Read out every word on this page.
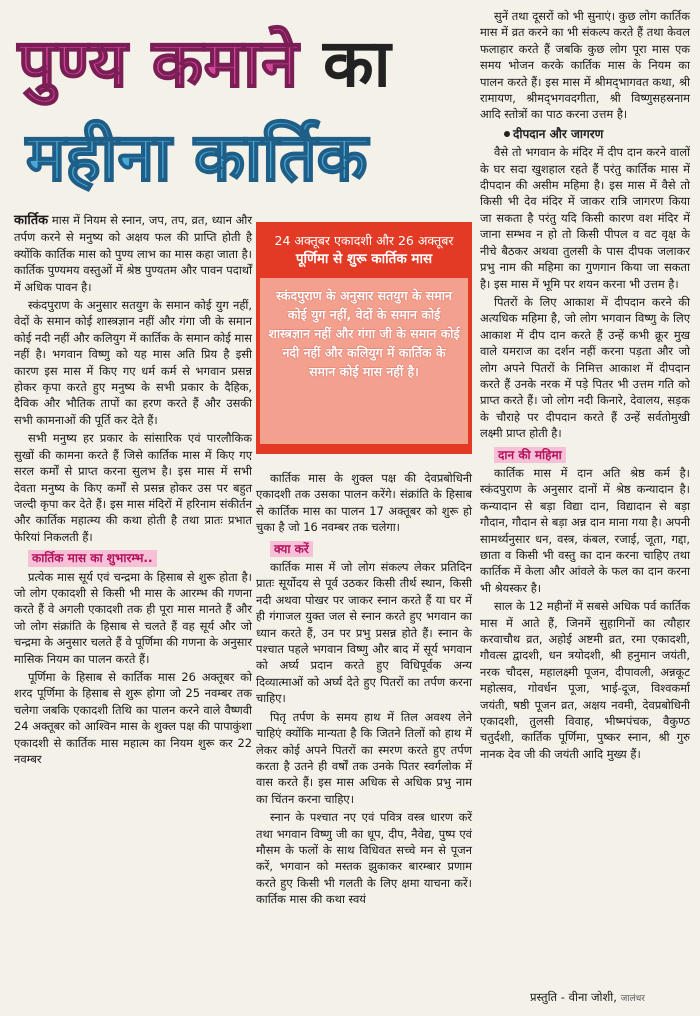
पुण्य कमाने का
महीना कार्तिक
24 अक्तूबर एकादशी और 26 अक्तूबर
पूर्णिमा से शुरू कार्तिक मास
स्कंदपुराण के अनुसार सतयुग के समान कोई युग नहीं, वेदों के समान कोई शास्त्रज्ञान नहीं और गंगा जी के समान कोई नदी नहीं और कलियुग में कार्तिक के समान कोई मास नहीं है।

कार्तिक मास में नियम से स्नान, जप, तप, व्रत, ध्यान और तर्पण करने से मनुष्य को अक्षय फल की प्राप्ति होती है क्योंकि कार्तिक मास को पुण्य लाभ का मास कहा जाता है। कार्तिक पुण्यमय वस्तुओं में श्रेष्ठ पुण्यतम और पावन पदार्थों में अधिक पावन है।

स्कंदपुराण के अनुसार सतयुग के समान कोई युग नहीं, वेदों के समान कोई शास्त्रज्ञान नहीं और गंगा जी के समान कोई नदी नहीं और कलियुग में कार्तिक के समान कोई मास नहीं है। भगवान विष्णु को यह मास अति प्रिय है इसी कारण इस मास में किए गए धर्म कर्म से भगवान प्रसन्न होकर कृपा करते हुए मनुष्य के सभी प्रकार के दैहिक, दैविक और भौतिक तापों का हरण करते हैं और उसकी सभी कामनाओं की पूर्ति कर देते हैं।

सभी मनुष्य हर प्रकार के सांसारिक एवं पारलौकिक सुखों की कामना करते हैं जिसे कार्तिक मास में किए गए सरल कर्मों से प्राप्त करना सुलभ है। इस मास में सभी देवता मनुष्य के किए कर्मों से प्रसन्न होकर उस पर बहुत जल्दी कृपा कर देते हैं। इस मास मंदिरों में हरिनाम संकीर्तन और कार्तिक महात्म्य की कथा होती है तथा प्रातः प्रभात फेरियां निकलती हैं।

कार्तिक मास का शुभारम्भ..

प्रत्येक मास सूर्य एवं चन्द्रमा के हिसाब से शुरू होता है। जो लोग एकादशी से किसी भी मास के आरम्भ की गणना करते हैं वे अगली एकादशी तक ही पूरा मास मानते हैं और जो लोग संक्रांति के हिसाब से चलते हैं वह सूर्य और जो चन्द्रमा के अनुसार चलते हैं वे पूर्णिमा की गणना के अनुसार मासिक नियम का पालन करते हैं।

पूर्णिमा के हिसाब से कार्तिक मास 26 अक्तूबर को शरद पूर्णिमा के हिसाब से शुरू होगा जो 25 नवम्बर तक चलेगा जबकि एकादशी तिथि का पालन करने वाले वैष्णवी 24 अक्तूबर को आश्विन मास के शुक्ल पक्ष की पापाकुंशा एकादशी से कार्तिक मास महात्म का नियम शुरू कर 22 नवम्बर

कार्तिक मास के शुक्ल पक्ष की देवप्रबोधिनी एकादशी तक उसका पालन करेंगे। संक्रांति के हिसाब से कार्तिक मास का पालन 17 अक्तूबर को शुरू हो चुका है जो 16 नवम्बर तक चलेगा।

क्या करें

कार्तिक मास में जो लोग संकल्प लेकर प्रतिदिन प्रातः सूर्योदय से पूर्व उठकर किसी तीर्थ स्थान, किसी नदी अथवा पोखर पर जाकर स्नान करते हैं या घर में ही गंगाजल युक्त जल से स्नान करते हुए भगवान का ध्यान करते हैं, उन पर प्रभु प्रसन्न होते हैं। स्नान के पश्चात पहले भगवान विष्णु और बाद में सूर्य भगवान को अर्घ्य प्रदान करते हुए विधिपूर्वक अन्य दिव्यात्माओं को अर्घ्य देते हुए पितरों का तर्पण करना चाहिए।

पितृ तर्पण के समय हाथ में तिल अवश्य लेने चाहिएं क्योंकि मान्यता है कि जितने तिलों को हाथ में लेकर कोई अपने पितरों का स्मरण करते हुए तर्पण करता है उतने ही वर्षों तक उनके पितर स्वर्गलोक में वास करते हैं। इस मास अधिक से अधिक प्रभु नाम का चिंतन करना चाहिए।

स्नान के पश्चात नए एवं पवित्र वस्त्र धारण करें तथा भगवान विष्णु जी का धूप, दीप, नैवेद्य, पुष्प एवं मौसम के फलों के साथ विधिवत सच्चे मन से पूजन करें, भगवान को मस्तक झुकाकर बारम्बार प्रणाम करते हुए किसी भी गलती के लिए क्षमा याचना करें। कार्तिक मास की कथा स्वयं

सुनें तथा दूसरों को भी सुनाएं। कुछ लोग कार्तिक मास में व्रत करने का भी संकल्प करते हैं तथा केवल फलाहार करते हैं जबकि कुछ लोग पूरा मास एक समय भोजन करके कार्तिक मास के नियम का पालन करते हैं। इस मास में श्रीमद्‌भागवत कथा, श्री रामायण, श्रीमद्‌भगवदगीता, श्री विष्णुसहस्रनाम आदि स्तोत्रों का पाठ करना उत्तम है।

दीपदान और जागरण

वैसे तो भगवान के मंदिर में दीप दान करने वालों के घर सदा खुशहाल रहते हैं परंतु कार्तिक मास में दीपदान की असीम महिमा है। इस मास में वैसे तो किसी भी देव मंदिर में जाकर रात्रि जागरण किया जा सकता है परंतु यदि किसी कारण वश मंदिर में जाना सम्भव न हो तो किसी पीपल व वट वृक्ष के नीचे बैठकर अथवा तुलसी के पास दीपक जलाकर प्रभु नाम की महिमा का गुणगान किया जा सकता है। इस मास में भूमि पर शयन करना भी उत्तम है।

पितरों के लिए आकाश में दीपदान करने की अत्यधिक महिमा है, जो लोग भगवान विष्णु के लिए आकाश में दीप दान करते हैं उन्हें कभी क्रूर मुख वाले यमराज का दर्शन नहीं करना पड़ता और जो लोग अपने पितरों के निमित्त आकाश में दीपदान करते हैं उनके नरक में पड़े पितर भी उत्तम गति को प्राप्त करते हैं। जो लोग नदी किनारे, देवालय, सड़क के चौराहे पर दीपदान करते हैं उन्हें सर्वतोमुखी लक्ष्मी प्राप्त होती है।

दान की महिमा

कार्तिक मास में दान अति श्रेष्ठ कर्म है। स्कंदपुराण के अनुसार दानों में श्रेष्ठ कन्यादान है। कन्यादान से बड़ा विद्या दान, विद्यादान से बड़ा गौदान, गौदान से बड़ा अन्न दान माना गया है। अपनी सामर्थ्यनुसार धन, वस्त्र, कंबल, रजाई, जूता, गद्दा, छाता व किसी भी वस्तु का दान करना चाहिए तथा कार्तिक में केला और आंवले के फल का दान करना भी श्रेयस्कर है।

साल के 12 महीनों में सबसे अधिक पर्व कार्तिक मास में आते हैं, जिनमें सुहागिनों का त्यौहार करवाचौथ व्रत, अहोई अष्टमी व्रत, रमा एकादशी, गौवत्स द्वादशी, धन त्रयोदशी, श्री हनुमान जयंती, नरक चौदस, महालक्ष्मी पूजन, दीपावली, अन्नकूट महोत्सव, गोवर्धन पूजा, भाई-दूज, विश्वकर्मा जयंती, षष्ठी पूजन व्रत, अक्षय नवमी, देवप्रबोधिनी एकादशी, तुलसी विवाह, भीष्मपंचक, वैकुण्ठ चतुर्दशी, कार्तिक पूर्णिमा, पुष्कर स्नान, श्री गुरु नानक देव जी की जयंती आदि मुख्य हैं।

प्रस्तुति - वीना जोशी, जालंधर
